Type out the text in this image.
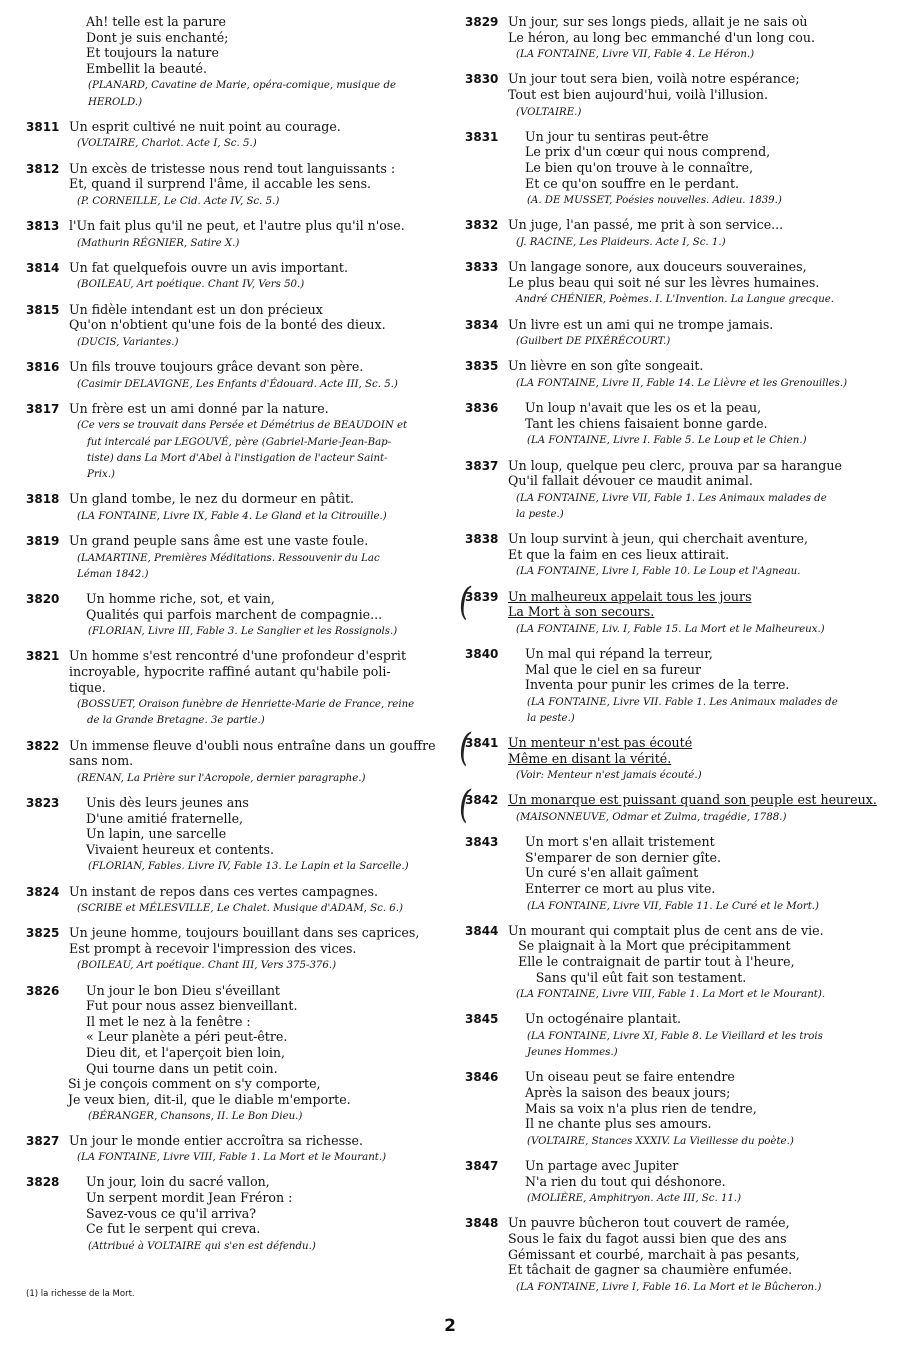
Ah! telle est la parure
Dont je suis enchanté;
Et toujours la nature
Embellit la beauté.
(PLANARD, Cavatine de Marie, opéra-comique, musique de
HEROLD.)
3811 Un esprit cultivé ne nuit point au courage.
(VOLTAIRE, Charlot. Acte I, Sc. 5.)
3812 Un excès de tristesse nous rend tout languissants :
Et, quand il surprend l'âme, il accable les sens.
(P. CORNEILLE, Le Cid. Acte IV, Sc. 5.)
3813 l'Un fait plus qu'il ne peut, et l'autre plus qu'il n'ose.
(Mathurin RÉGNIER, Satire X.)
3814 Un fat quelquefois ouvre un avis important.
(BOILEAU, Art poétique. Chant IV, Vers 50.)
3815 Un fidèle intendant est un don précieux
Qu'on n'obtient qu'une fois de la bonté des dieux.
(DUCIS, Variantes.)
3816 Un fils trouve toujours grâce devant son père.
(Casimir DELAVIGNE, Les Enfants d'Édouard. Acte III, Sc. 5.)
3817 Un frère est un ami donné par la nature.
(Ce vers se trouvait dans Persée et Démétrius de BEAUDOIN et
fut intercalé par LEGOUVÉ, père (Gabriel-Marie-Jean-Bap-
tiste) dans La Mort d'Abel à l'instigation de l'acteur Saint-
Prix.)
3818 Un gland tombe, le nez du dormeur en pâtit.
(LA FONTAINE, Livre IX, Fable 4. Le Gland et la Citrouille.)
3819 Un grand peuple sans âme est une vaste foule.
(LAMARTINE, Premières Méditations. Ressouvenir du Lac
Léman 1842.)
3820 Un homme riche, sot, et vain,
Qualités qui parfois marchent de compagnie...
(FLORIAN, Livre III, Fable 3. Le Sanglier et les Rossignols.)
3821 Un homme s'est rencontré d'une profondeur d'esprit
incroyable, hypocrite raffiné autant qu'habile poli-
tique.
(BOSSUET, Oraison funèbre de Henriette-Marie de France, reine
de la Grande Bretagne. 3e partie.)
3822 Un immense fleuve d'oubli nous entraîne dans un gouffre
sans nom.
(RENAN, La Prière sur l'Acropole, dernier paragraphe.)
3823 Unis dès leurs jeunes ans
D'une amitié fraternelle,
Un lapin, une sarcelle
Vivaient heureux et contents.
(FLORIAN, Fables. Livre IV, Fable 13. Le Lapin et la Sarcelle.)
3824 Un instant de repos dans ces vertes campagnes.
(SCRIBE et MÉLESVILLE, Le Chalet. Musique d'ADAM, Sc. 6.)
3825 Un jeune homme, toujours bouillant dans ses caprices,
Est prompt à recevoir l'impression des vices.
(BOILEAU, Art poétique. Chant III, Vers 375-376.)
3826 Un jour le bon Dieu s'éveillant
Fut pour nous assez bienveillant.
Il met le nez à la fenêtre :
« Leur planète a péri peut-être.
Dieu dit, et l'aperçoit bien loin,
Qui tourne dans un petit coin.
Si je conçois comment on s'y comporte,
Je veux bien, dit-il, que le diable m'emporte.
(BÉRANGER, Chansons, II. Le Bon Dieu.)
3827 Un jour le monde entier accroîtra sa richesse.
(LA FONTAINE, Livre VIII, Fable 1. La Mort et le Mourant.)
3828 Un jour, loin du sacré vallon,
Un serpent mordit Jean Fréron :
Savez-vous ce qu'il arriva?
Ce fut le serpent qui creva.
(Attribué à VOLTAIRE qui s'en est défendu.)
3829 Un jour, sur ses longs pieds, allait je ne sais où
Le héron, au long bec emmanché d'un long cou.
(LA FONTAINE, Livre VII, Fable 4. Le Héron.)
3830 Un jour tout sera bien, voilà notre espérance;
Tout est bien aujourd'hui, voilà l'illusion.
(VOLTAIRE.)
3831 Un jour tu sentiras peut-être
Le prix d'un cœur qui nous comprend,
Le bien qu'on trouve à le connaître,
Et ce qu'on souffre en le perdant.
(A. DE MUSSET, Poésies nouvelles. Adieu. 1839.)
3832 Un juge, l'an passé, me prit à son service...
(J. RACINE, Les Plaideurs. Acte I, Sc. 1.)
3833 Un langage sonore, aux douceurs souveraines,
Le plus beau qui soit né sur les lèvres humaines.
André CHÉNIER, Poèmes. I. L'Invention. La Langue grecque.
3834 Un livre est un ami qui ne trompe jamais.
(Guilbert DE PIXÉRÉCOURT.)
3835 Un lièvre en son gîte songeait.
(LA FONTAINE, Livre II, Fable 14. Le Lièvre et les Grenouilles.)
3836 Un loup n'avait que les os et la peau,
Tant les chiens faisaient bonne garde.
(LA FONTAINE, Livre I. Fable 5. Le Loup et le Chien.)
3837 Un loup, quelque peu clerc, prouva par sa harangue
Qu'il fallait dévouer ce maudit animal.
(LA FONTAINE, Livre VII, Fable 1. Les Animaux malades de
la peste.)
3838 Un loup survint à jeun, qui cherchait aventure,
Et que la faim en ces lieux attirait.
(LA FONTAINE, Livre I, Fable 10. Le Loup et l'Agneau.
3839
(	Un malheureux appelait tous les jours
La Mort à son secours.
(LA FONTAINE, Liv. I, Fable 15. La Mort et le Malheureux.)
3840 Un mal qui répand la terreur,
Mal que le ciel en sa fureur
Inventa pour punir les crimes de la terre.
(LA FONTAINE, Livre VII. Fable 1. Les Animaux malades de
la peste.)
3841
(	Un menteur n'est pas écouté
Même en disant la vérité.
(Voir: Menteur n'est jamais écouté.)
3842
(	Un monarque est puissant quand son peuple est heureux.
(MAISONNEUVE, Odmar et Zulma, tragédie, 1788.)
3843 Un mort s'en allait tristement
S'emparer de son dernier gîte.
Un curé s'en allait gaîment
Enterrer ce mort au plus vite.
(LA FONTAINE, Livre VII, Fable 11. Le Curé et le Mort.)
3844 Un mourant qui comptait plus de cent ans de vie.
Se plaignait à la Mort que précipitamment
Elle le contraignait de partir tout à l'heure,
Sans qu'il eût fait son testament.
(LA FONTAINE, Livre VIII, Fable 1. La Mort et le Mourant).
3845 Un octogénaire plantait.
(LA FONTAINE, Livre XI, Fable 8. Le Vieillard et les trois
Jeunes Hommes.)
3846 Un oiseau peut se faire entendre
Après la saison des beaux jours;
Mais sa voix n'a plus rien de tendre,
Il ne chante plus ses amours.
(VOLTAIRE, Stances XXXIV. La Vieillesse du poète.)
3847 Un partage avec Jupiter
N'a rien du tout qui déshonore.
(MOLIÈRE, Amphitryon. Acte III, Sc. 11.)
3848 Un pauvre bûcheron tout couvert de ramée,
Sous le faix du fagot aussi bien que des ans
Gémissant et courbé, marchait à pas pesants,
Et tâchait de gagner sa chaumière enfumée.
(LA FONTAINE, Livre I, Fable 16. La Mort et le Bûcheron.)
(1) la richesse de la Mort.
2
